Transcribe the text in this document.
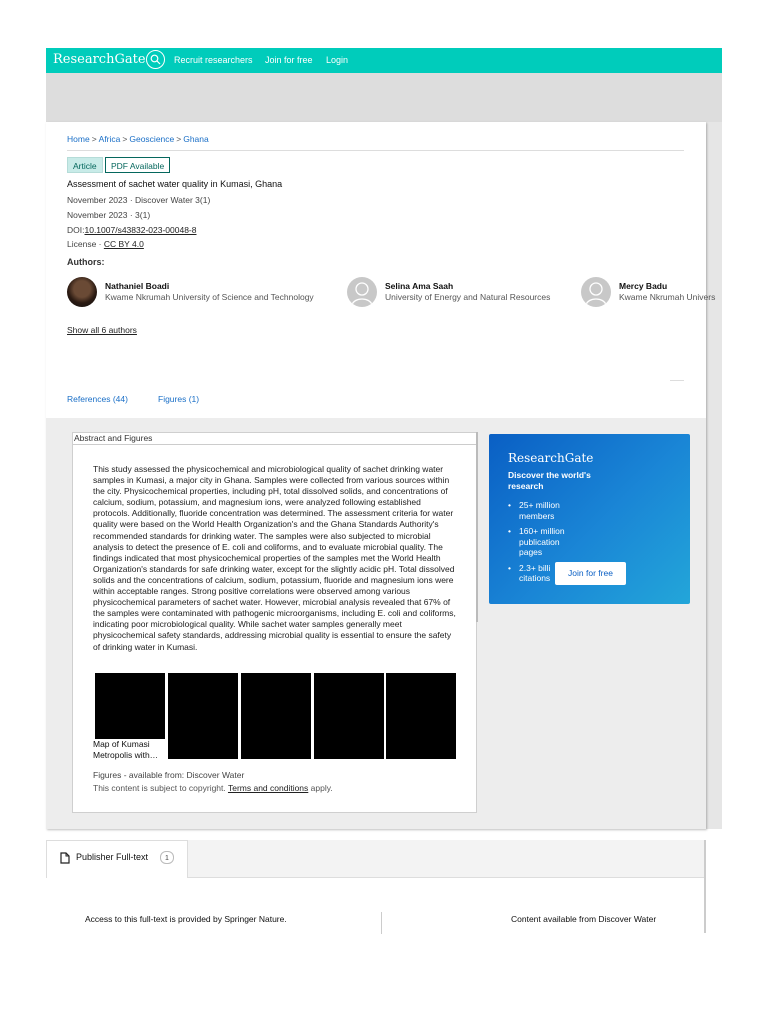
ResearchGate	Recruit researchers Join for free Login
Home > Africa > Geoscience > Ghana
Article	PDF Available
Assessment of sachet water quality in Kumasi, Ghana
November 2023 · Discover Water 3(1)
November 2023 · 3(1)
DOI:10.1007/s43832-023-00048-8
License · CC BY 4.0
Authors:
Nathaniel Boadi
Kwame Nkrumah University of Science and Technology
Selina Ama Saah
University of Energy and Natural Resources
Mercy Badu
Kwame Nkrumah Univers
Show all 6 authors
References (44)	Figures (1)
Abstract and Figures
This study assessed the physicochemical and microbiological quality of sachet drinking water samples in Kumasi, a major city in Ghana. Samples were collected from various sources within the city. Physicochemical properties, including pH, total dissolved solids, and concentrations of calcium, sodium, potassium, and magnesium ions, were analyzed following established protocols. Additionally, fluoride concentration was determined. The assessment criteria for water quality were based on the World Health Organization's and the Ghana Standards Authority's recommended standards for drinking water. The samples were also subjected to microbial analysis to detect the presence of E. coli and coliforms, and to evaluate microbial quality. The findings indicated that most physicochemical properties of the samples met the World Health Organization's standards for safe drinking water, except for the slightly acidic pH. Total dissolved solids and the concentrations of calcium, sodium, potassium, fluoride and magnesium ions were within acceptable ranges. Strong positive correlations were observed among various physicochemical parameters of sachet water. However, microbial analysis revealed that 67% of the samples were contaminated with pathogenic microorganisms, including E. coli and coliforms, indicating poor microbiological quality. While sachet water samples generally meet physicochemical safety standards, addressing microbial quality is essential to ensure the safety of drinking water in Kumasi.
Map of Kumasi Metropolis with…
Figures - available from: Discover Water
This content is subject to copyright. Terms and conditions apply.
ResearchGate
Discover the world's research
• 25+ million members
• 160+ million publication pages
• 2.3+ billi citations	Join for free
Publisher Full-text	1
Access to this full-text is provided by Springer Nature.	Content available from Discover Water
